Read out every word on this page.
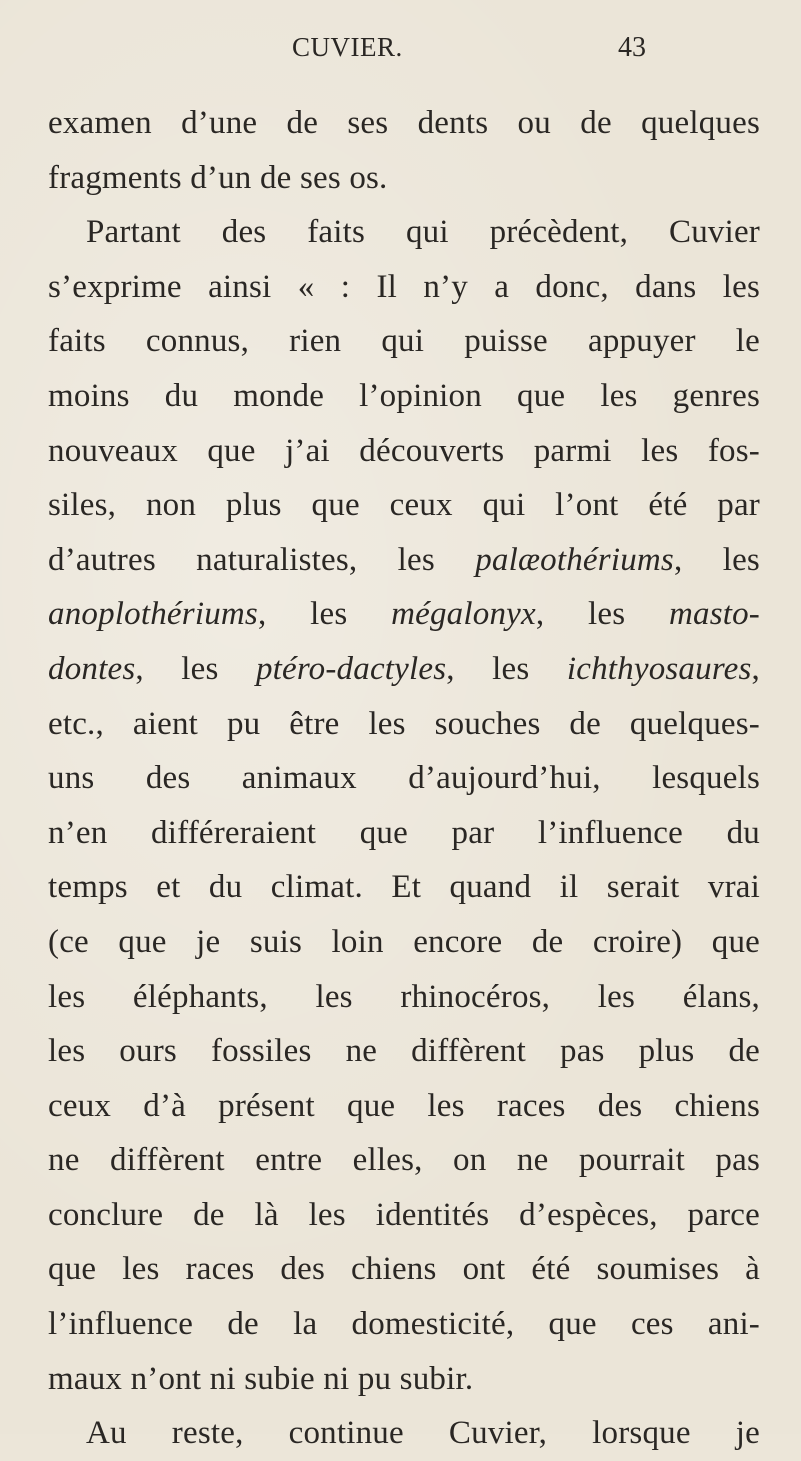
CUVIER.	43
examen d’une de ses dents ou de quelques
fragments d’un de ses os.
Partant des faits qui précèdent, Cuvier
s’exprime ainsi « : Il n’y a donc, dans les
faits connus, rien qui puisse appuyer le
moins du monde l’opinion que les genres
nouveaux que j’ai découverts parmi les fos-
siles, non plus que ceux qui l’ont été par
d’autres naturalistes, les palæothériums, les
anoplothériums, les mégalonyx, les masto-
dontes, les ptéro-dactyles, les ichthyosaures,
etc., aient pu être les souches de quelques-
uns des animaux d’aujourd’hui, lesquels
n’en différeraient que par l’influence du
temps et du climat. Et quand il serait vrai
(ce que je suis loin encore de croire) que
les éléphants, les rhinocéros, les élans,
les ours fossiles ne diffèrent pas plus de
ceux d’à présent que les races des chiens
ne diffèrent entre elles, on ne pourrait pas
conclure de là les identités d’espèces, parce
que les races des chiens ont été soumises à
l’influence de la domesticité, que ces ani-
maux n’ont ni subie ni pu subir.
Au reste, continue Cuvier, lorsque je
